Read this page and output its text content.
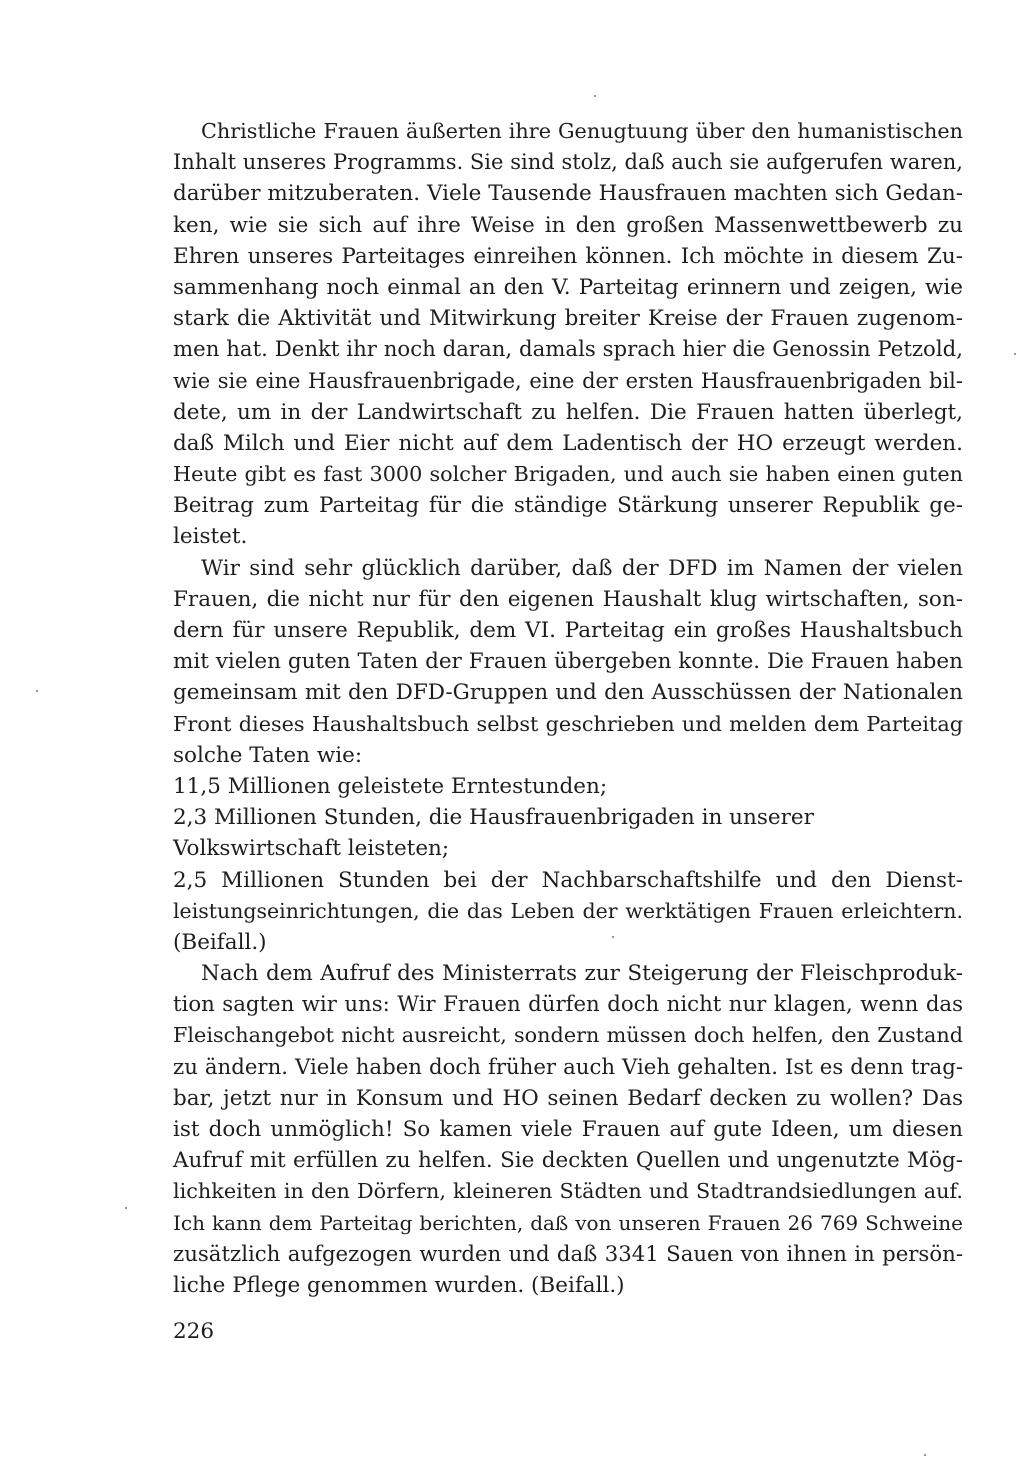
Christliche Frauen äußerten ihre Genugtuung über den humanistischen
Inhalt unseres Programms. Sie sind stolz, daß auch sie aufgerufen waren,
darüber mitzuberaten. Viele Tausende Hausfrauen machten sich Gedan-
ken, wie sie sich auf ihre Weise in den großen Massenwettbewerb zu
Ehren unseres Parteitages einreihen können. Ich möchte in diesem Zu-
sammenhang noch einmal an den V. Parteitag erinnern und zeigen, wie
stark die Aktivität und Mitwirkung breiter Kreise der Frauen zugenom-
men hat. Denkt ihr noch daran, damals sprach hier die Genossin Petzold,
wie sie eine Hausfrauenbrigade, eine der ersten Hausfrauenbrigaden bil-
dete, um in der Landwirtschaft zu helfen. Die Frauen hatten überlegt,
daß Milch und Eier nicht auf dem Ladentisch der HO erzeugt werden.
Heute gibt es fast 3000 solcher Brigaden, und auch sie haben einen guten
Beitrag zum Parteitag für die ständige Stärkung unserer Republik ge-
leistet.
Wir sind sehr glücklich darüber, daß der DFD im Namen der vielen
Frauen, die nicht nur für den eigenen Haushalt klug wirtschaften, son-
dern für unsere Republik, dem VI. Parteitag ein großes Haushaltsbuch
mit vielen guten Taten der Frauen übergeben konnte. Die Frauen haben
gemeinsam mit den DFD-Gruppen und den Ausschüssen der Nationalen
Front dieses Haushaltsbuch selbst geschrieben und melden dem Parteitag
solche Taten wie:
11,5 Millionen geleistete Erntestunden;
2,3 Millionen Stunden, die Hausfrauenbrigaden in unserer
Volkswirtschaft leisteten;
2,5 Millionen Stunden bei der Nachbarschaftshilfe und den Dienst-
leistungseinrichtungen, die das Leben der werktätigen Frauen erleichtern.
(Beifall.)
Nach dem Aufruf des Ministerrats zur Steigerung der Fleischproduk-
tion sagten wir uns: Wir Frauen dürfen doch nicht nur klagen, wenn das
Fleischangebot nicht ausreicht, sondern müssen doch helfen, den Zustand
zu ändern. Viele haben doch früher auch Vieh gehalten. Ist es denn trag-
bar, jetzt nur in Konsum und HO seinen Bedarf decken zu wollen? Das
ist doch unmöglich! So kamen viele Frauen auf gute Ideen, um diesen
Aufruf mit erfüllen zu helfen. Sie deckten Quellen und ungenutzte Mög-
lichkeiten in den Dörfern, kleineren Städten und Stadtrandsiedlungen auf.
Ich kann dem Parteitag berichten, daß von unseren Frauen 26 769 Schweine
zusätzlich aufgezogen wurden und daß 3341 Sauen von ihnen in persön-
liche Pflege genommen wurden. (Beifall.)
226
